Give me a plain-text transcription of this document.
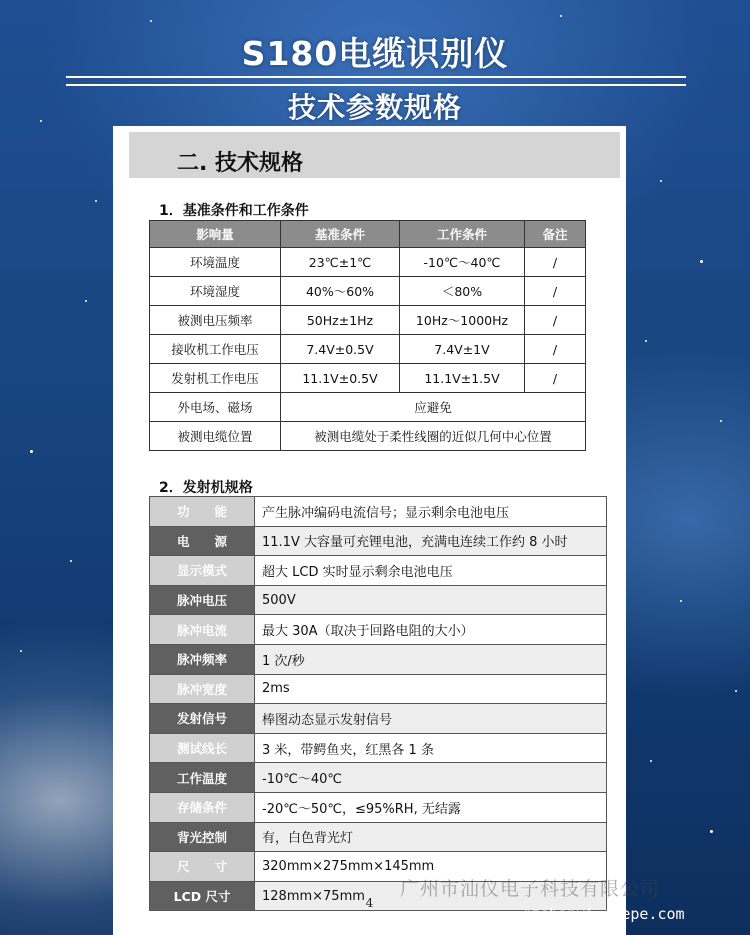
S180电缆识别仪
技术参数规格
二. 技术规格
1．基准条件和工作条件
影响量	基准条件	工作条件	备注
环境温度	23℃±1℃	-10℃～40℃	/
环境湿度	40%～60%	＜80%	/
被测电压频率	50Hz±1Hz	10Hz～1000Hz	/
接收机工作电压	7.4V±0.5V	7.4V±1V	/
发射机工作电压	11.1V±0.5V	11.1V±1.5V	/
外电场、磁场	应避免		
被测电缆位置	被测电缆处于柔性线圈的近似几何中心位置		
2．发射机规格
功　　能	产生脉冲编码电流信号；显示剩余电池电压
电　　源	11.1V 大容量可充锂电池，充满电连续工作约 8 小时
显示模式	超大 LCD 实时显示剩余电池电压
脉冲电压	500V
脉冲电流	最大 30A（取决于回路电阻的大小）
脉冲频率	1 次/秒
脉冲宽度	2ms
发射信号	棒图动态显示发射信号
测试线长	3 米，带鳄鱼夹，红黑各 1 条
工作温度	-10℃～40℃
存储条件	-20℃～50℃，≤95%RH, 无结露
背光控制	有，白色背光灯
尺　　寸	320mm×275mm×145mm
LCD 尺寸	128mm×75mm 4
广州市汕仪电子科技有限公司
gzshanyi.goepe.com
